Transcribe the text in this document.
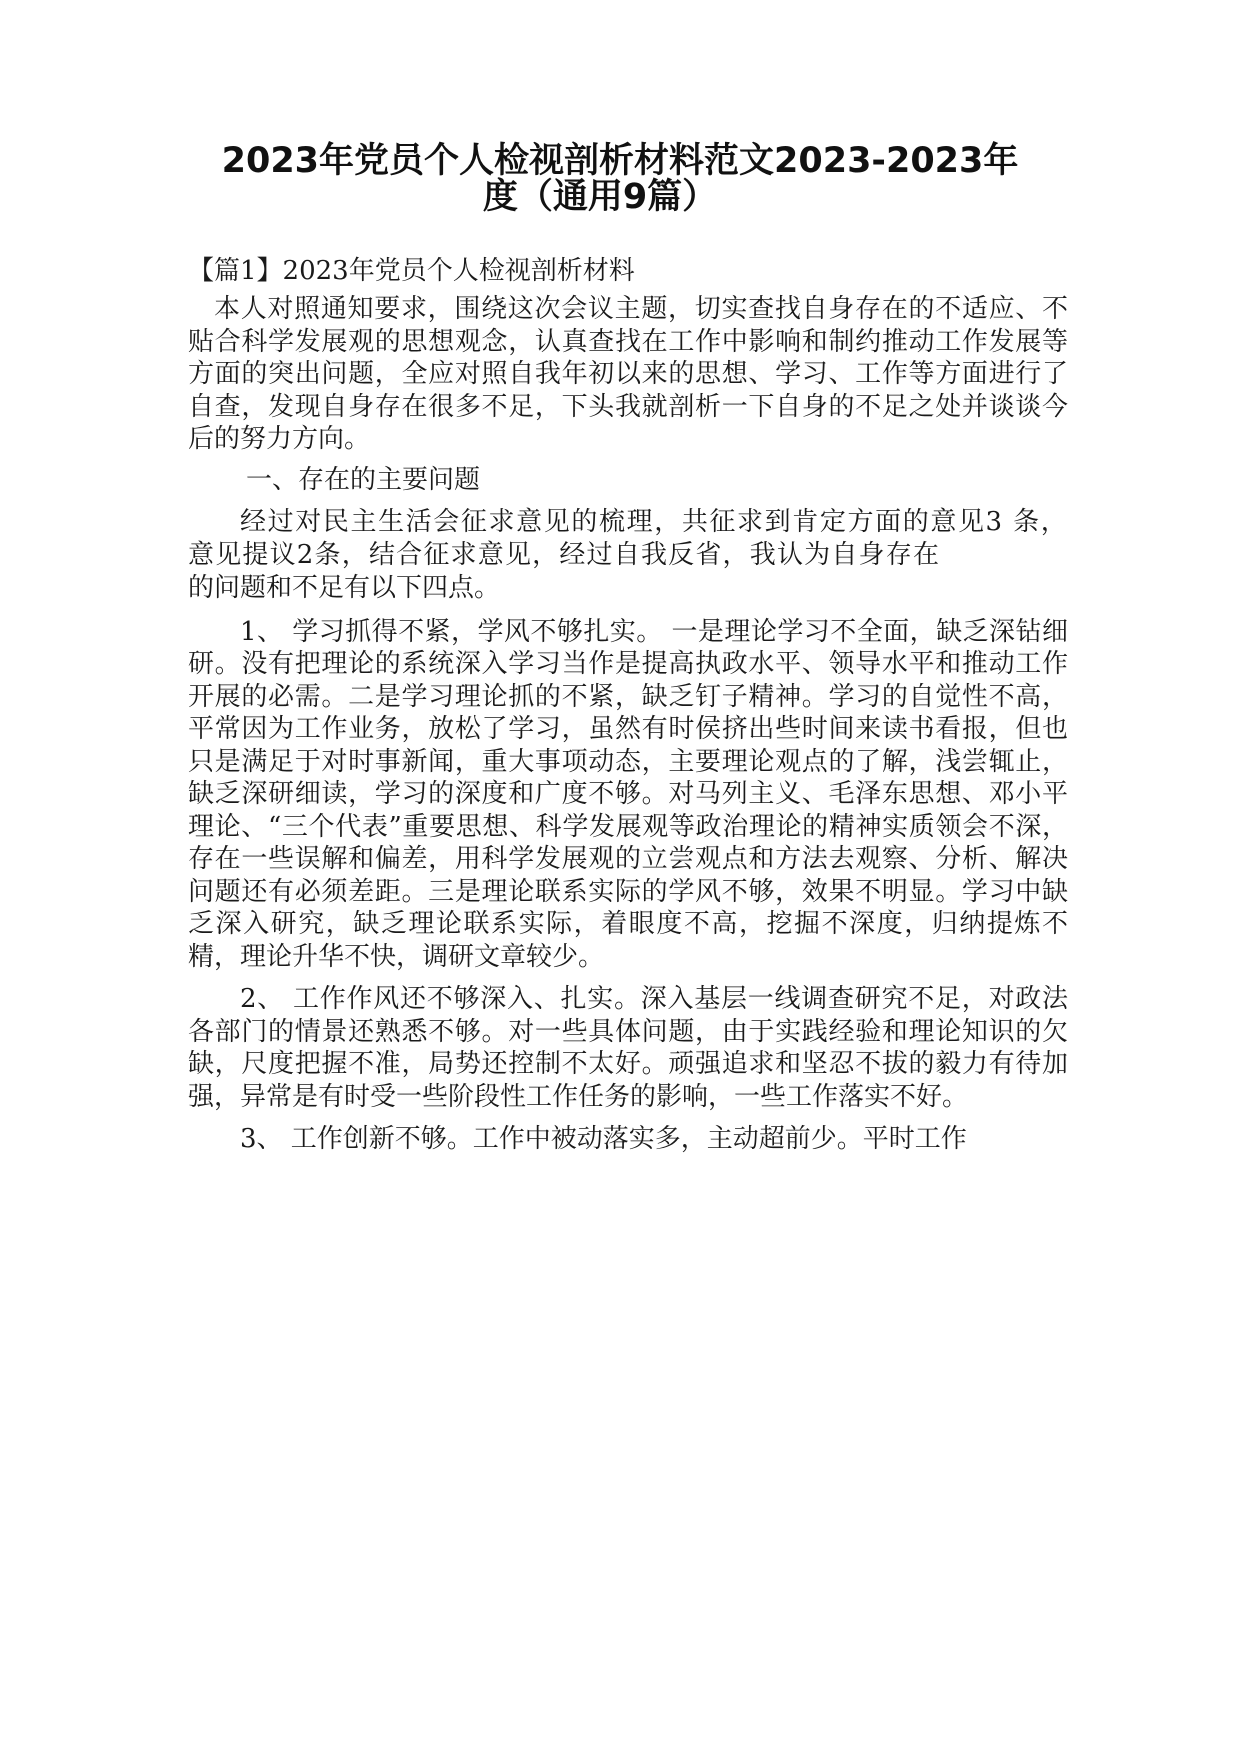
2023年党员个人检视剖析材料范文2023-2023年
度（通用9篇）

【篇1】2023年党员个人检视剖析材料

本人对照通知要求，围绕这次会议主题，切实查找自身存在的不适应、不贴合科学发展观的思想观念，认真查找在工作中影响和制约推动工作发展等方面的突出问题，全应对照自我年初以来的思想、学习、工作等方面进行了自查，发现自身存在很多不足，下头我就剖析一下自身的不足之处并谈谈今后的努力方向。

一、存在的主要问题

经过对民主生活会征求意见的梳理，共征求到肯定方面的意见3 条，意见提议2条，结合征求意见，经过自我反省，我认为自身存在

的问题和不足有以下四点。

1、 学习抓得不紧，学风不够扎实。 一是理论学习不全面，缺乏深钻细研。没有把理论的系统深入学习当作是提高执政水平、领导水平和推动工作开展的必需。二是学习理论抓的不紧，缺乏钉子精神。学习的自觉性不高，平常因为工作业务，放松了学习，虽然有时侯挤出些时间来读书看报，但也只是满足于对时事新闻，重大事项动态，主要理论观点的了解，浅尝辄止，缺乏深研细读，学习的深度和广度不够。对马列主义、毛泽东思想、邓小平理论、“三个代表”重要思想、科学发展观等政治理论的精神实质领会不深，存在一些误解和偏差，用科学发展观的立尝观点和方法去观察、分析、解决问题还有必须差距。三是理论联系实际的学风不够，效果不明显。学习中缺乏深入研究，缺乏理论联系实际，着眼度不高，挖掘不深度，归纳提炼不精，理论升华不快，调研文章较少。

2、 工作作风还不够深入、扎实。深入基层一线调查研究不足，对政法各部门的情景还熟悉不够。对一些具体问题，由于实践经验和理论知识的欠缺，尺度把握不准，局势还控制不太好。顽强追求和坚忍不拔的毅力有待加强，异常是有时受一些阶段性工作任务的影响，一些工作落实不好。

3、 工作创新不够。工作中被动落实多，主动超前少。平时工作
